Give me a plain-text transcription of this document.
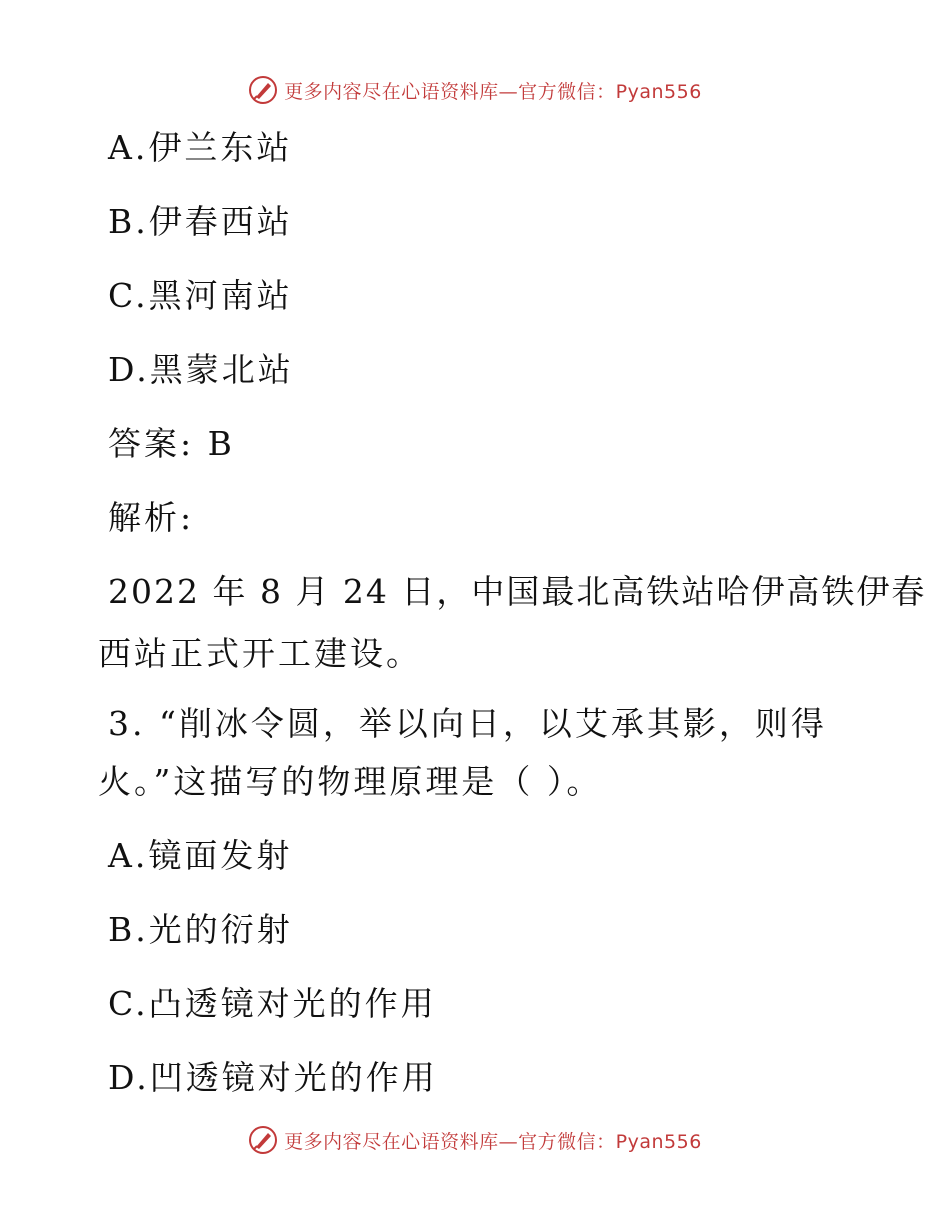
更多内容尽在心语资料库—官方微信：Pyan556
A.伊兰东站
B.伊春西站
C.黑河南站
D.黑蒙北站
答案: B
解析:
2022 年 8 月 24 日，中国最北高铁站哈伊高铁伊春
西站正式开工建设。
3. “削冰令圆，举以向日，以艾承其影，则得
火。”这描写的物理原理是（ ）。
A.镜面发射
B.光的衍射
C.凸透镜对光的作用
D.凹透镜对光的作用
更多内容尽在心语资料库—官方微信：Pyan556
